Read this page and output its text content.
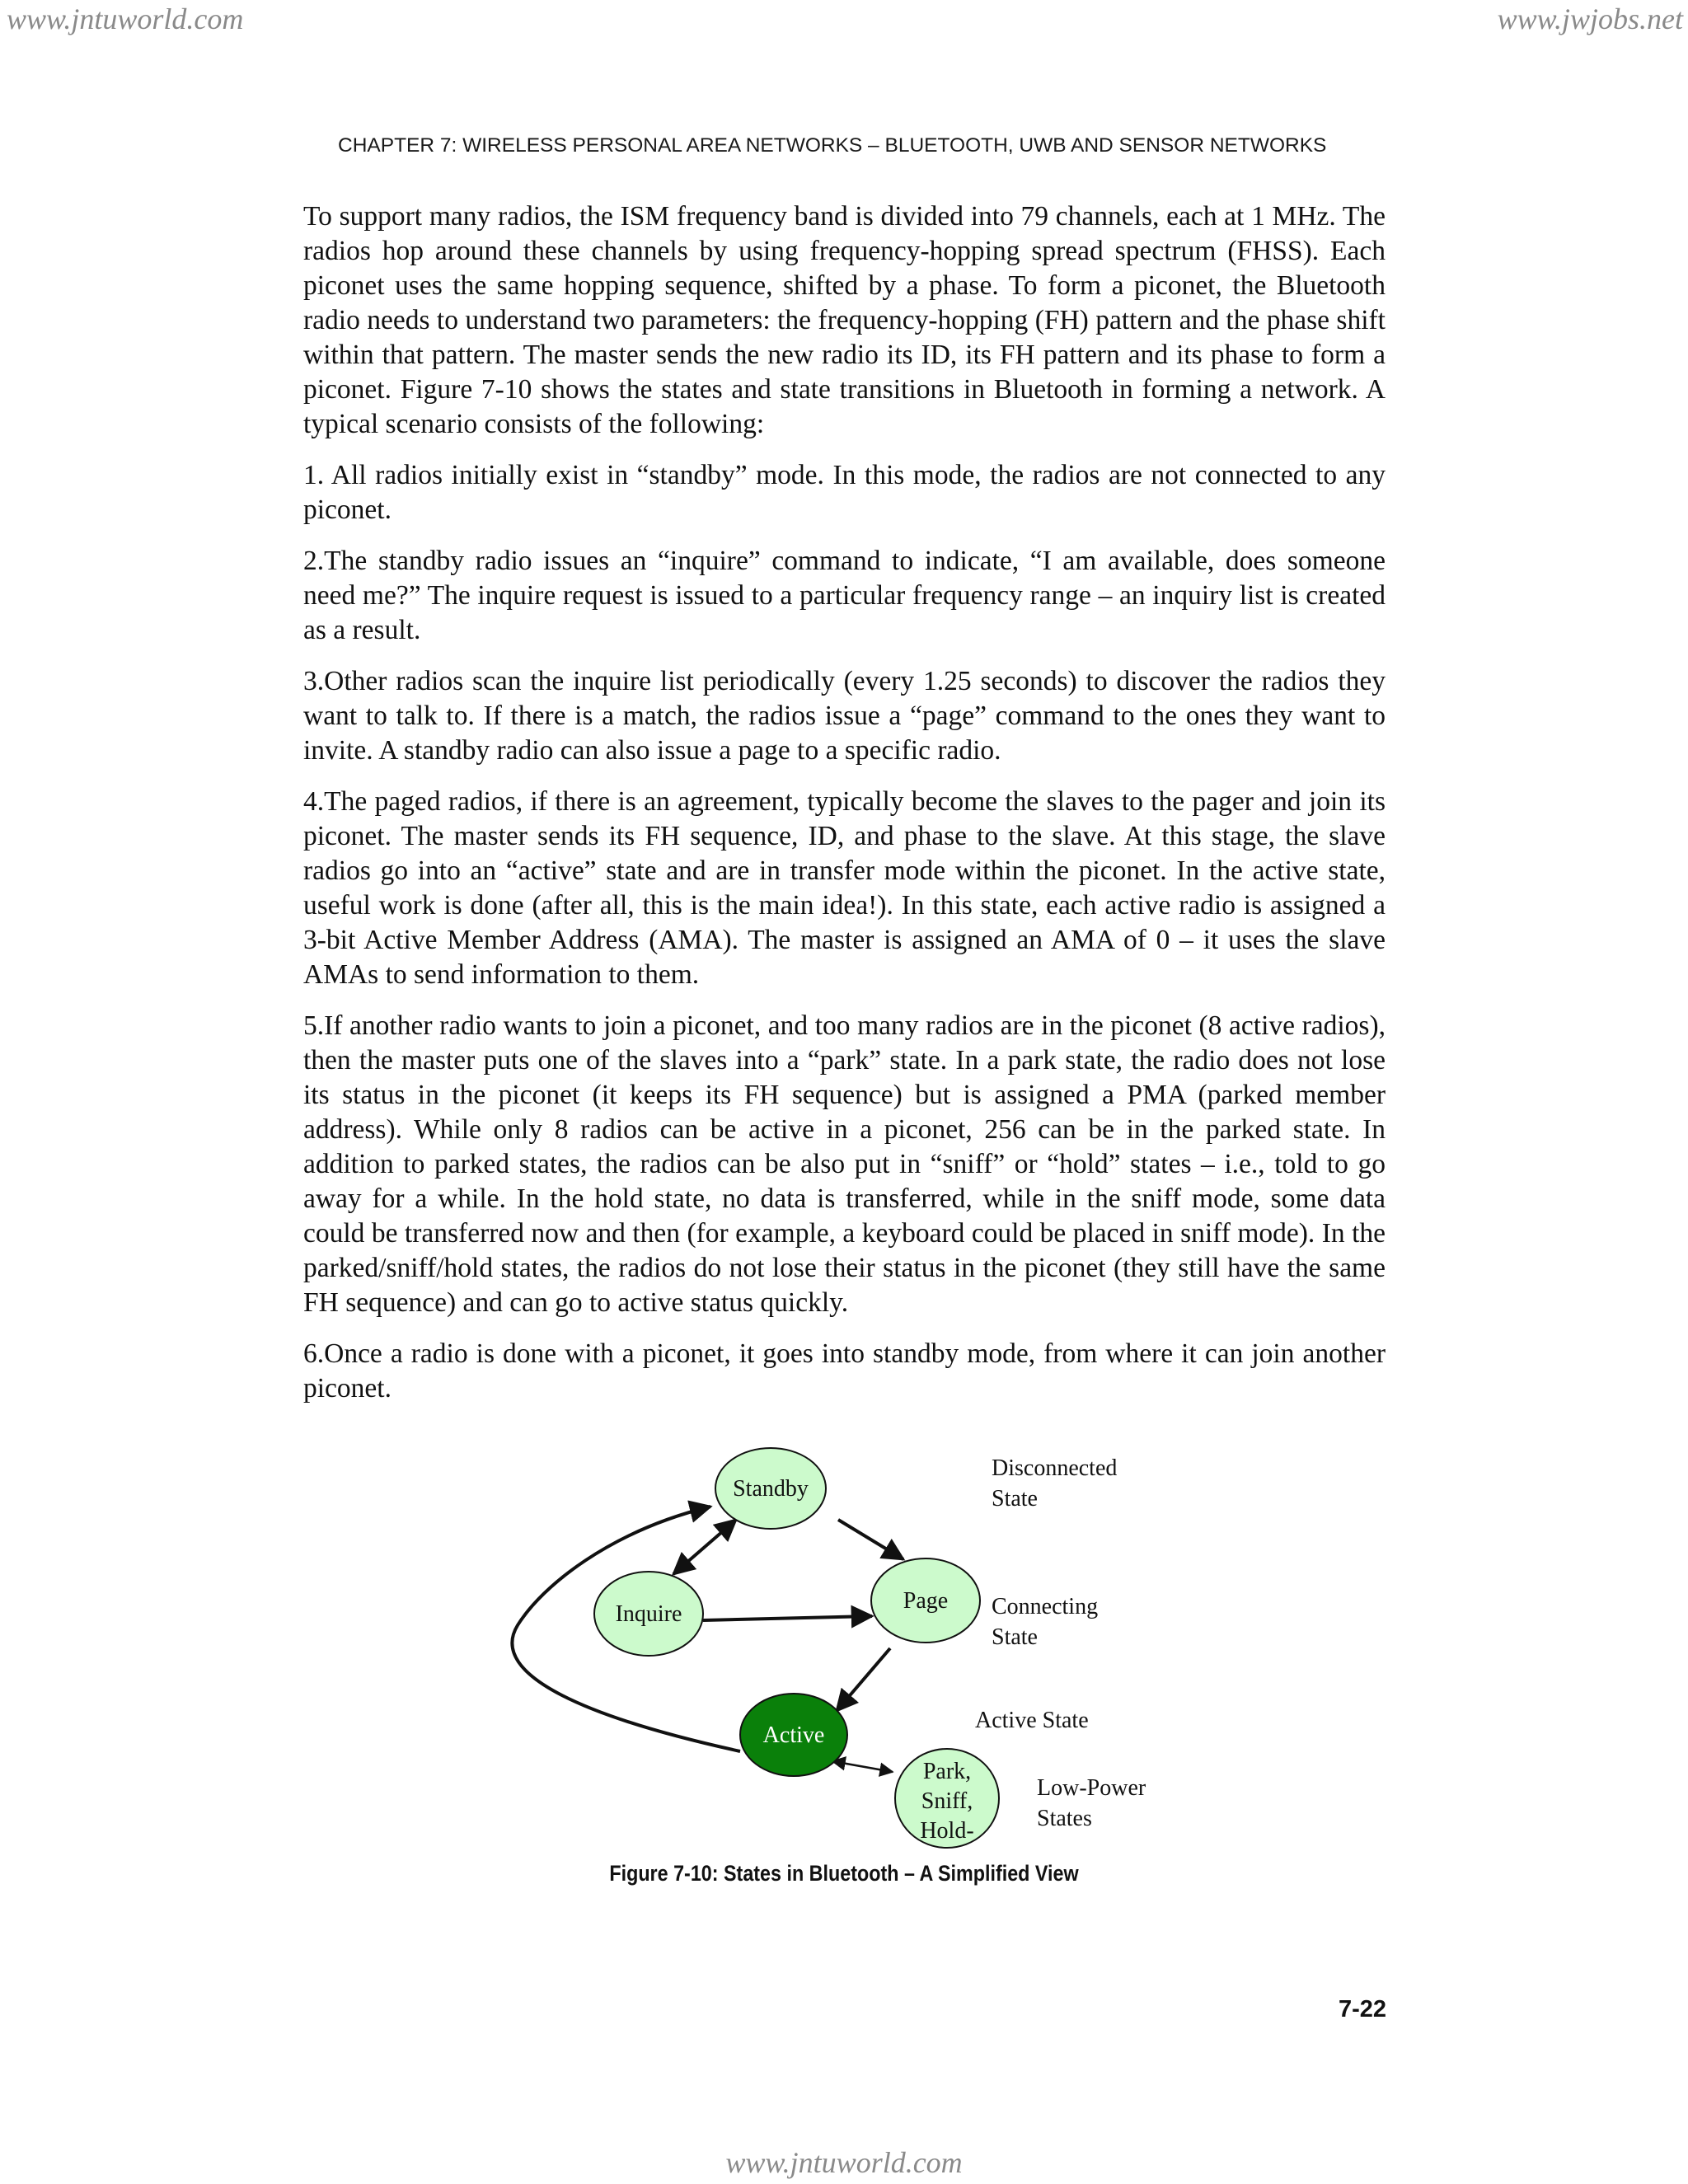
www.jntuworld.com	www.jwjobs.net
CHAPTER 7: WIRELESS PERSONAL AREA NETWORKS – BLUETOOTH, UWB AND SENSOR NETWORKS

To support many radios, the ISM frequency band is divided into 79 channels, each at 1 MHz. The radios hop around these channels by using frequency-hopping spread spectrum (FHSS). Each piconet uses the same hopping sequence, shifted by a phase. To form a piconet, the Bluetooth radio needs to understand two parameters: the frequency-hopping (FH) pattern and the phase shift within that pattern. The master sends the new radio its ID, its FH pattern and its phase to form a piconet. Figure 7-10 shows the states and state transitions in Bluetooth in forming a network. A typical scenario consists of the following:

1. All radios initially exist in “standby” mode. In this mode, the radios are not connected to any piconet.

2.The standby radio issues an “inquire” command to indicate, “I am available, does someone need me?” The inquire request is issued to a particular frequency range – an inquiry list is created as a result.

3.Other radios scan the inquire list periodically (every 1.25 seconds) to discover the radios they want to talk to. If there is a match, the radios issue a “page” command to the ones they want to invite. A standby radio can also issue a page to a specific radio.

4.The paged radios, if there is an agreement, typically become the slaves to the pager and join its piconet. The master sends its FH sequence, ID, and phase to the slave. At this stage, the slave radios go into an “active” state and are in transfer mode within the piconet. In the active state, useful work is done (after all, this is the main idea!). In this state, each active radio is assigned a 3-bit Active Member Address (AMA). The master is assigned an AMA of 0 – it uses the slave AMAs to send information to them.

5.If another radio wants to join a piconet, and too many radios are in the piconet (8 active radios), then the master puts one of the slaves into a “park” state. In a park state, the radio does not lose its status in the piconet (it keeps its FH sequence) but is assigned a PMA (parked member address). While only 8 radios can be active in a piconet, 256 can be in the parked state. In addition to parked states, the radios can be also put in “sniff” or “hold” states – i.e., told to go away for a while. In the hold state, no data is transferred, while in the sniff mode, some data could be transferred now and then (for example, a keyboard could be placed in sniff mode). In the parked/sniff/hold states, the radios do not lose their status in the piconet (they still have the same FH sequence) and can go to active status quickly.

6.Once a radio is done with a piconet, it goes into standby mode, from where it can join another piconet.

Standby
Inquire
Page
Active
Park,
Sniff,
Hold-
Disconnected
State
Connecting
State
Active State
Low-Power
States
Figure 7-10: States in Bluetooth – A Simplified View
7-22
www.jntuworld.com
